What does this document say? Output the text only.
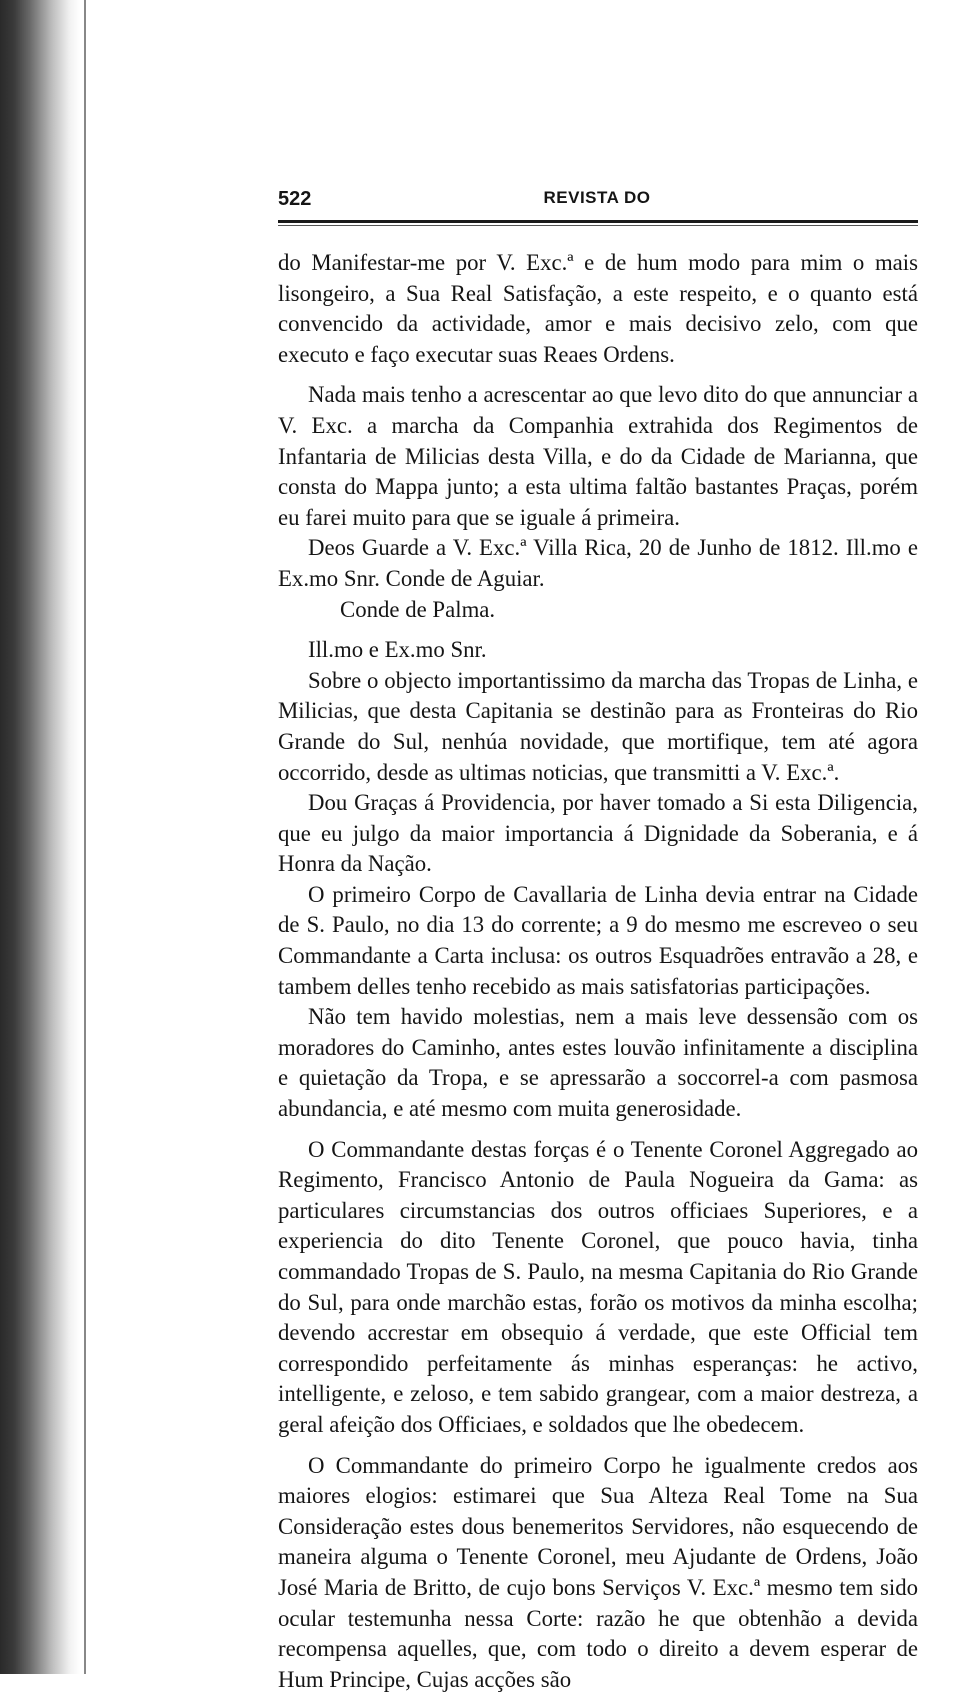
522	REVISTA DO

do Manifestar-me por V. Exc.ª e de hum modo para mim o mais lisongeiro, a Sua Real Satisfação, a este respeito, e o quanto está convencido da actividade, amor e mais decisivo zelo, com que executo e faço executar suas Reaes Ordens.

Nada mais tenho a acrescentar ao que levo dito do que annunciar a V. Exc. a marcha da Companhia extrahida dos Regimentos de Infantaria de Milicias desta Villa, e do da Cidade de Marianna, que consta do Mappa junto; a esta ultima faltão bastantes Praças, porém eu farei muito para que se iguale á primeira.

Deos Guarde a V. Exc.ª Villa Rica, 20 de Junho de 1812. Ill.mo e Ex.mo Snr. Conde de Aguiar.

Conde de Palma.

Ill.mo e Ex.mo Snr.

Sobre o objecto importantissimo da marcha das Tropas de Linha, e Milicias, que desta Capitania se destinão para as Fronteiras do Rio Grande do Sul, nenhúa novidade, que mortifique, tem até agora occorrido, desde as ultimas noticias, que transmitti a V. Exc.ª.

Dou Graças á Providencia, por haver tomado a Si esta Diligencia, que eu julgo da maior importancia á Dignidade da Soberania, e á Honra da Nação.

O primeiro Corpo de Cavallaria de Linha devia entrar na Cidade de S. Paulo, no dia 13 do corrente; a 9 do mesmo me escreveo o seu Commandante a Carta inclusa: os outros Esquadrões entravão a 28, e tambem delles tenho recebido as mais satisfatorias participações.

Não tem havido molestias, nem a mais leve dessensão com os moradores do Caminho, antes estes louvão infinitamente a disciplina e quietação da Tropa, e se apressarão a soccorrel-a com pasmosa abundancia, e até mesmo com muita generosidade.

O Commandante destas forças é o Tenente Coronel Aggregado ao Regimento, Francisco Antonio de Paula Nogueira da Gama: as particulares circumstancias dos outros officiaes Superiores, e a experiencia do dito Tenente Coronel, que pouco havia, tinha commandado Tropas de S. Paulo, na mesma Capitania do Rio Grande do Sul, para onde marchão estas, forão os motivos da minha escolha; devendo accrestar em obsequio á verdade, que este Official tem correspondido perfeitamente ás minhas esperanças: he activo, intelligente, e zeloso, e tem sabido grangear, com a maior destreza, a geral afeição dos Officiaes, e soldados que lhe obedecem.

O Commandante do primeiro Corpo he igualmente credos aos maiores elogios: estimarei que Sua Alteza Real Tome na Sua Consideração estes dous benemeritos Servidores, não esquecendo de maneira alguma o Tenente Coronel, meu Ajudante de Ordens, João José Maria de Britto, de cujo bons Serviços V. Exc.ª mesmo tem sido ocular testemunha nessa Corte: razão he que obtenhão a devida recompensa aquelles, que, com todo o direito a devem esperar de Hum Principe, Cujas acções são
